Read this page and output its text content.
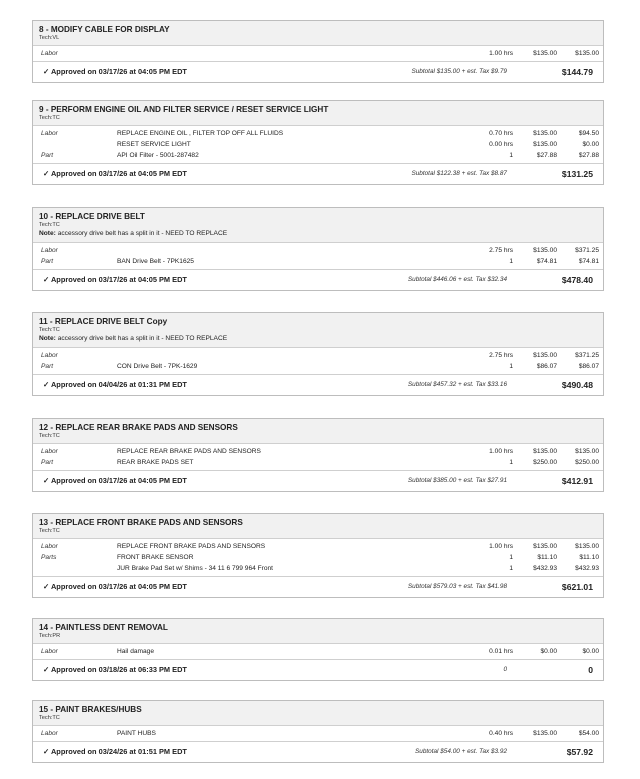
8 - MODIFY CABLE FOR DISPLAY
Tech:VL
Labor	1.00 hrs	$135.00	$135.00
✓ Approved on 03/17/26 at 04:05 PM EDT	Subtotal $135.00 + est. Tax $9.79	$144.79
9 - PERFORM ENGINE OIL AND FILTER SERVICE / RESET SERVICE LIGHT
Tech:TC
Labor	REPLACE ENGINE OIL , FILTER TOP OFF ALL FLUIDS	0.70 hrs	$135.00	$94.50
RESET SERVICE LIGHT	0.00 hrs	$135.00	$0.00
Part	API Oil Filter - 5001-287482	1	$27.88	$27.88
✓ Approved on 03/17/26 at 04:05 PM EDT	Subtotal $122.38 + est. Tax $8.87	$131.25
10 - REPLACE DRIVE BELT
Tech:TC
Note: accessory drive belt has a split in it - NEED TO REPLACE
Labor	2.75 hrs	$135.00	$371.25
Part	BAN Drive Belt - 7PK1625	1	$74.81	$74.81
✓ Approved on 03/17/26 at 04:05 PM EDT	Subtotal $446.06 + est. Tax $32.34	$478.40
11 - REPLACE DRIVE BELT Copy
Tech:TC
Note: accessory drive belt has a split in it - NEED TO REPLACE
Labor	2.75 hrs	$135.00	$371.25
Part	CON Drive Belt - 7PK-1629	1	$86.07	$86.07
✓ Approved on 04/04/26 at 01:31 PM EDT	Subtotal $457.32 + est. Tax $33.16	$490.48
12 - REPLACE REAR BRAKE PADS AND SENSORS
Tech:TC
Labor	REPLACE REAR BRAKE PADS AND SENSORS	1.00 hrs	$135.00	$135.00
Part	REAR BRAKE PADS SET	1	$250.00	$250.00
✓ Approved on 03/17/26 at 04:05 PM EDT	Subtotal $385.00 + est. Tax $27.91	$412.91
13 - REPLACE FRONT BRAKE PADS AND SENSORS
Tech:TC
Labor	REPLACE FRONT BRAKE PADS AND SENSORS	1.00 hrs	$135.00	$135.00
Parts	FRONT BRAKE SENSOR	1	$11.10	$11.10
JUR Brake Pad Set w/ Shims - 34 11 6 799 964 Front	1	$432.93	$432.93
✓ Approved on 03/17/26 at 04:05 PM EDT	Subtotal $579.03 + est. Tax $41.98	$621.01
14 - PAINTLESS DENT REMOVAL
Tech:PR
Labor	Hail damage	0.01 hrs	$0.00	$0.00
✓ Approved on 03/18/26 at 06:33 PM EDT	0	0
15 - PAINT BRAKES/HUBS
Tech:TC
Labor	PAINT HUBS	0.40 hrs	$135.00	$54.00
✓ Approved on 03/24/26 at 01:51 PM EDT	Subtotal $54.00 + est. Tax $3.92	$57.92
